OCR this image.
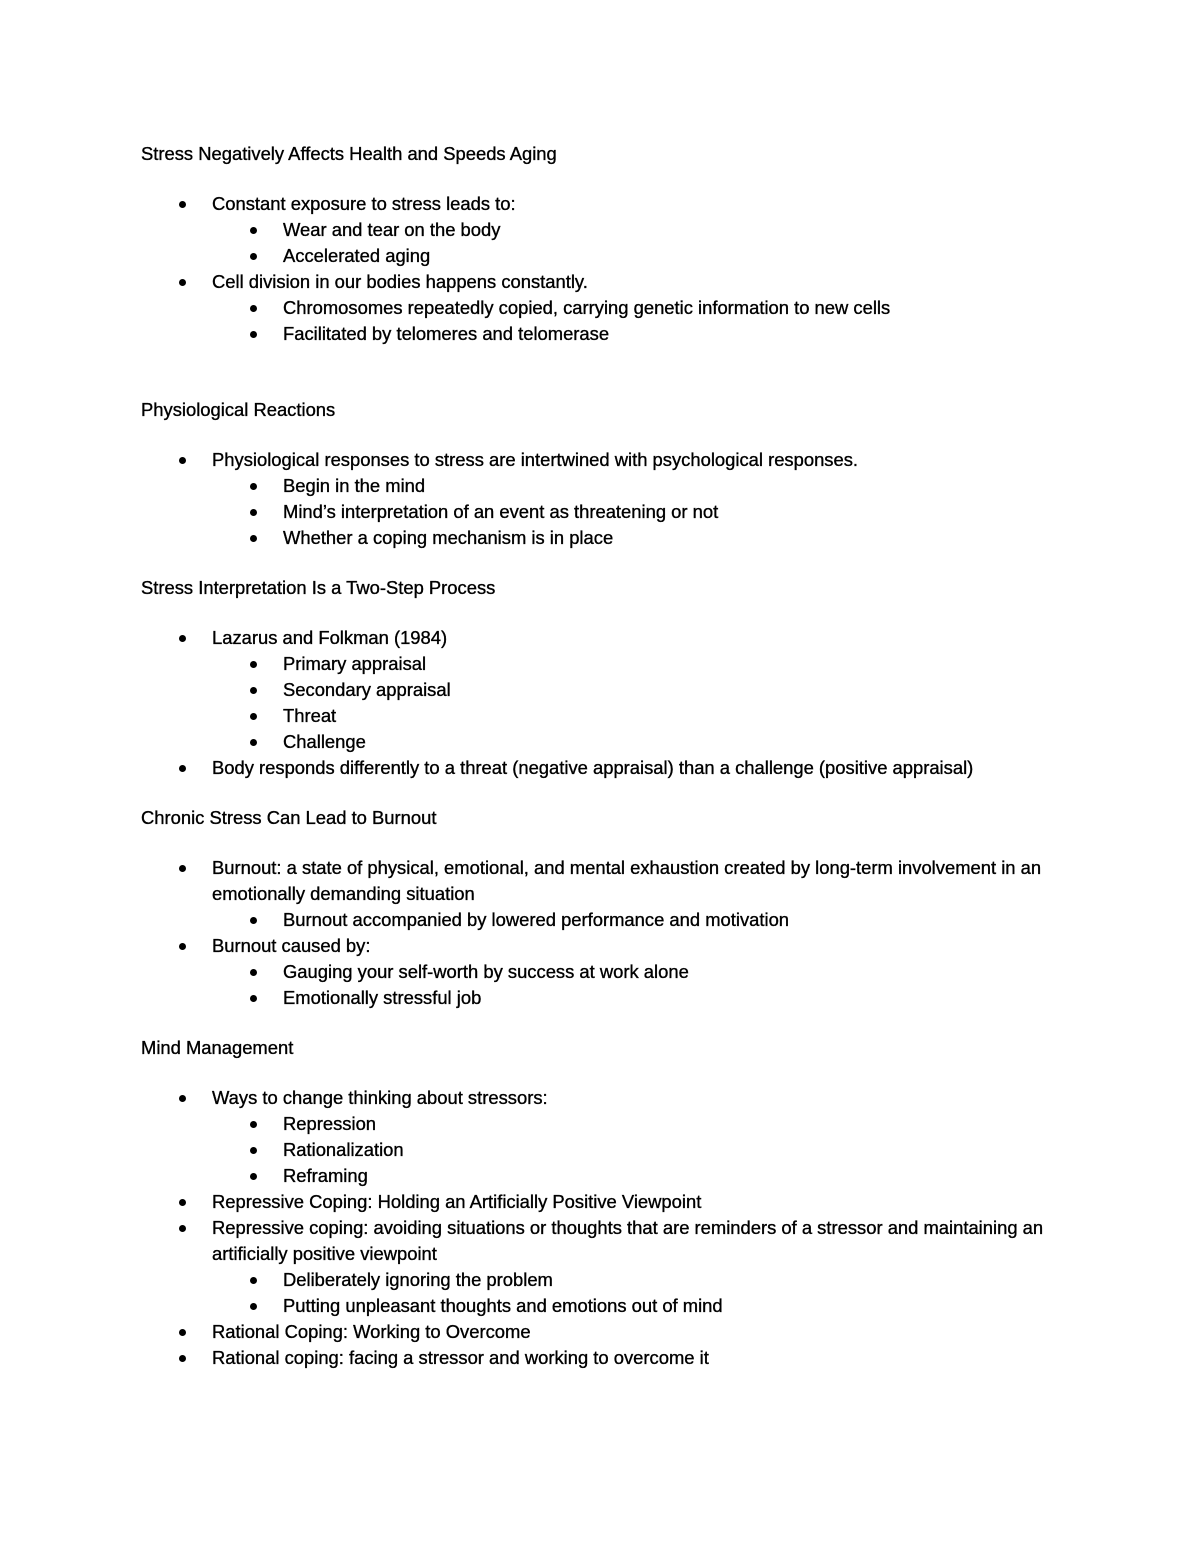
Stress Negatively Affects Health and Speeds Aging

Constant exposure to stress leads to:
Wear and tear on the body
Accelerated aging
Cell division in our bodies happens constantly.
Chromosomes repeatedly copied, carrying genetic information to new cells
Facilitated by telomeres and telomerase

Physiological Reactions

Physiological responses to stress are intertwined with psychological responses.
Begin in the mind
Mind’s interpretation of an event as threatening or not
Whether a coping mechanism is in place

Stress Interpretation Is a Two-Step Process

Lazarus and Folkman (1984)
Primary appraisal
Secondary appraisal
Threat
Challenge
Body responds differently to a threat (negative appraisal) than a challenge (positive appraisal)

Chronic Stress Can Lead to Burnout

Burnout: a state of physical, emotional, and mental exhaustion created by long-term involvement in an emotionally demanding situation
Burnout accompanied by lowered performance and motivation
Burnout caused by:
Gauging your self-worth by success at work alone
Emotionally stressful job

Mind Management

Ways to change thinking about stressors:
Repression
Rationalization
Reframing
Repressive Coping: Holding an Artificially Positive Viewpoint
Repressive coping: avoiding situations or thoughts that are reminders of a stressor and maintaining an artificially positive viewpoint
Deliberately ignoring the problem
Putting unpleasant thoughts and emotions out of mind
Rational Coping: Working to Overcome
Rational coping: facing a stressor and working to overcome it
